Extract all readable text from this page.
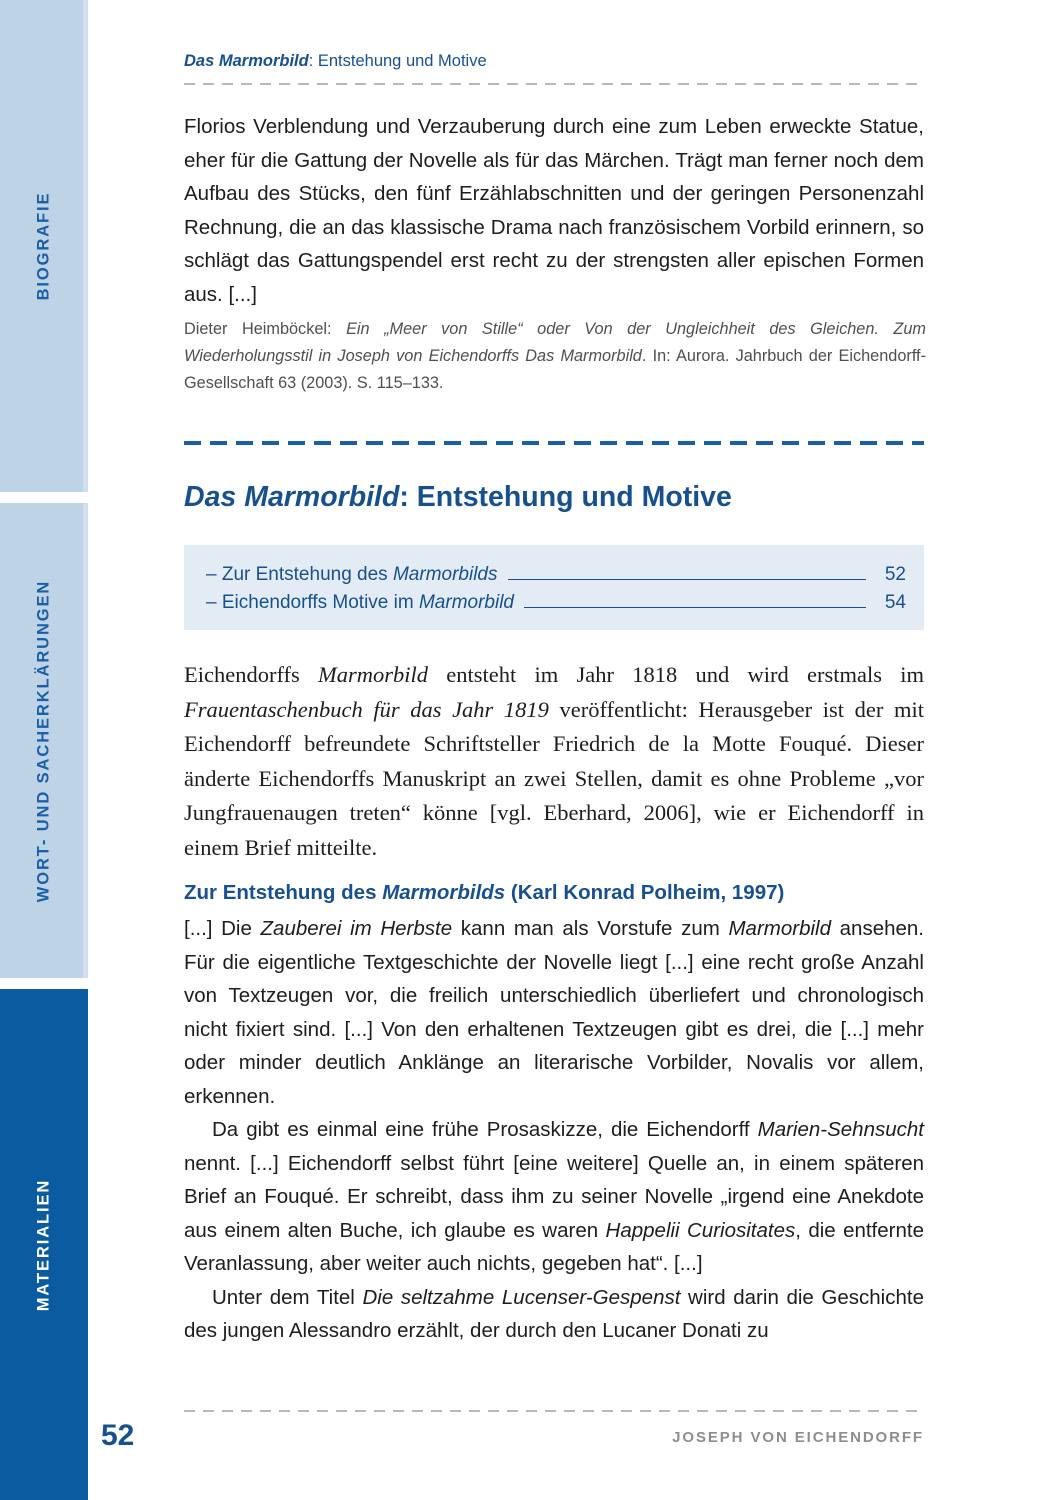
BIOGRAFIE
WORT- UND SACHERKLÄRUNGEN
MATERIALIEN
Das Marmorbild: Entstehung und Motive
Florios Verblendung und Verzauberung durch eine zum Leben erweckte Statue, eher für die Gattung der Novelle als für das Märchen. Trägt man ferner noch dem Aufbau des Stücks, den fünf Erzählabschnitten und der geringen Personenzahl Rechnung, die an das klassische Drama nach französischem Vorbild erinnern, so schlägt das Gattungspendel erst recht zu der strengsten aller epischen Formen aus. [...]
Dieter Heimböckel: Ein „Meer von Stille“ oder Von der Ungleichheit des Gleichen. Zum Wiederholungsstil in Joseph von Eichendorffs Das Marmorbild. In: Aurora. Jahrbuch der Eichendorff-Gesellschaft 63 (2003). S. 115–133.
Das Marmorbild: Entstehung und Motive
– Zur Entstehung des Marmorbilds	52
– Eichendorffs Motive im Marmorbild	54
Eichendorffs Marmorbild entsteht im Jahr 1818 und wird erstmals im Frauentaschenbuch für das Jahr 1819 veröffentlicht: Herausgeber ist der mit Eichendorff befreundete Schriftsteller Friedrich de la Motte Fouqué. Dieser änderte Eichendorffs Manuskript an zwei Stellen, damit es ohne Probleme „vor Jungfrauenaugen treten“ könne [vgl. Eberhard, 2006], wie er Eichendorff in einem Brief mitteilte.
Zur Entstehung des Marmorbilds (Karl Konrad Polheim, 1997)

[...] Die Zauberei im Herbste kann man als Vorstufe zum Marmorbild ansehen. Für die eigentliche Textgeschichte der Novelle liegt [...] eine recht große Anzahl von Textzeugen vor, die freilich unterschiedlich überliefert und chronologisch nicht fixiert sind. [...] Von den erhaltenen Textzeugen gibt es drei, die [...] mehr oder minder deutlich Anklänge an literarische Vorbilder, Novalis vor allem, erkennen.

Da gibt es einmal eine frühe Prosaskizze, die Eichendorff Marien-Sehnsucht nennt. [...] Eichendorff selbst führt [eine weitere] Quelle an, in einem späteren Brief an Fouqué. Er schreibt, dass ihm zu seiner Novelle „irgend eine Anekdote aus einem alten Buche, ich glaube es waren Happelii Curiositates, die entfernte Veranlassung, aber weiter auch nichts, gegeben hat“. [...]

Unter dem Titel Die seltzahme Lucenser-Gespenst wird darin die Geschichte des jungen Alessandro erzählt, der durch den Lucaner Donati zu

52	JOSEPH VON EICHENDORFF
